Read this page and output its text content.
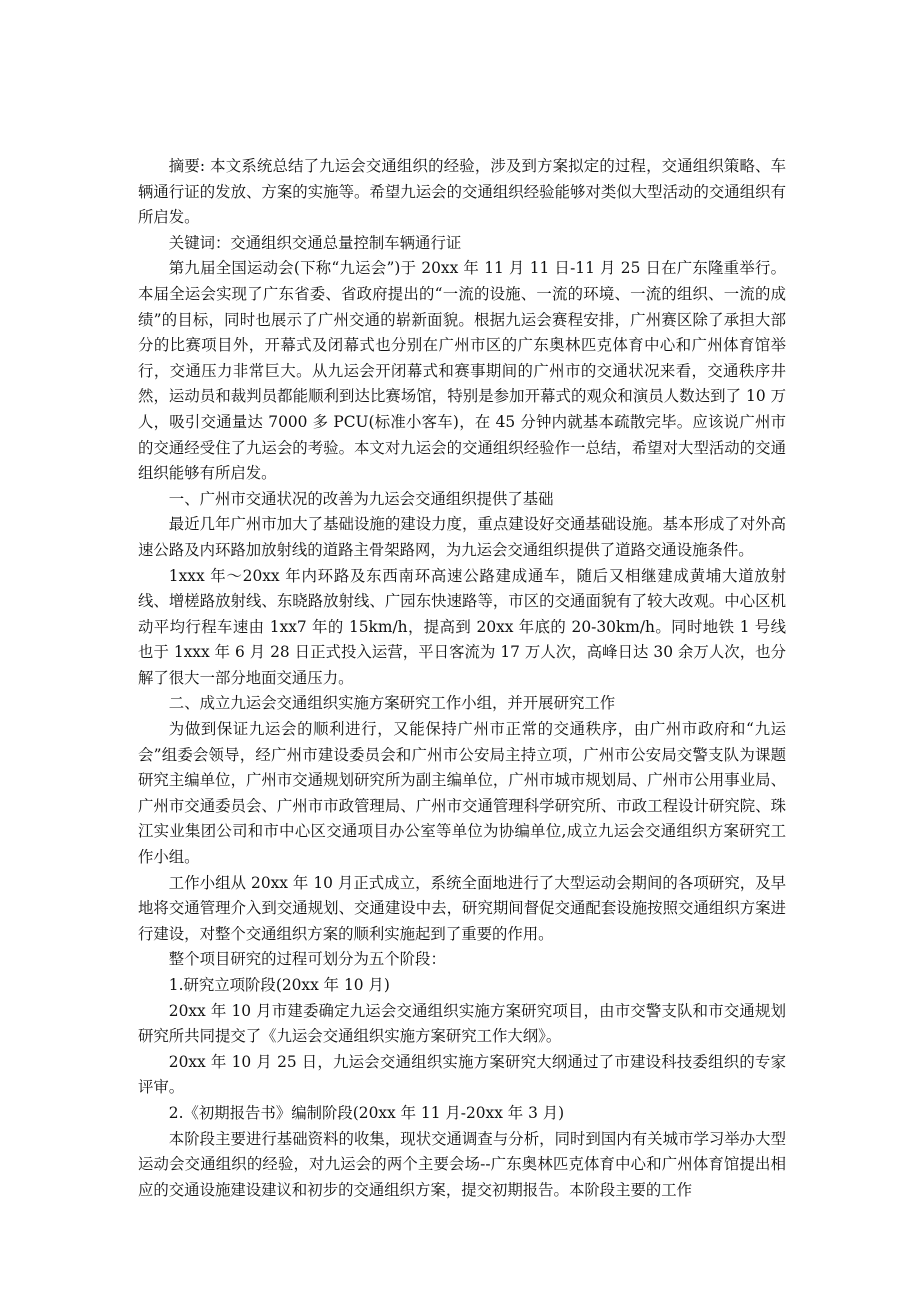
摘要: 本文系统总结了九运会交通组织的经验，涉及到方案拟定的过程，交通组织策略、车辆通行证的发放、方案的实施等。希望九运会的交通组织经验能够对类似大型活动的交通组织有所启发。

关键词：交通组织交通总量控制车辆通行证

第九届全国运动会(下称“九运会”)于 20xx 年 11 月 11 日-11 月 25 日在广东隆重举行。本届全运会实现了广东省委、省政府提出的“一流的设施、一流的环境、一流的组织、一流的成绩”的目标，同时也展示了广州交通的崭新面貌。根据九运会赛程安排，广州赛区除了承担大部分的比赛项目外，开幕式及闭幕式也分别在广州市区的广东奥林匹克体育中心和广州体育馆举行，交通压力非常巨大。从九运会开闭幕式和赛事期间的广州市的交通状况来看，交通秩序井然，运动员和裁判员都能顺利到达比赛场馆，特别是参加开幕式的观众和演员人数达到了 10 万人，吸引交通量达 7000 多 PCU(标准小客车)，在 45 分钟内就基本疏散完毕。应该说广州市的交通经受住了九运会的考验。本文对九运会的交通组织经验作一总结，希望对大型活动的交通组织能够有所启发。

一、广州市交通状况的改善为九运会交通组织提供了基础

最近几年广州市加大了基础设施的建设力度，重点建设好交通基础设施。基本形成了对外高速公路及内环路加放射线的道路主骨架路网，为九运会交通组织提供了道路交通设施条件。

1xxx 年～20xx 年内环路及东西南环高速公路建成通车，随后又相继建成黄埔大道放射线、增槎路放射线、东晓路放射线、广园东快速路等，市区的交通面貌有了较大改观。中心区机动平均行程车速由 1xx7 年的 15km/h，提高到 20xx 年底的 20-30km/h。同时地铁 1 号线也于 1xxx 年 6 月 28 日正式投入运营，平日客流为 17 万人次，高峰日达 30 余万人次，也分解了很大一部分地面交通压力。

二、成立九运会交通组织实施方案研究工作小组，并开展研究工作

为做到保证九运会的顺利进行，又能保持广州市正常的交通秩序，由广州市政府和“九运会”组委会领导，经广州市建设委员会和广州市公安局主持立项，广州市公安局交警支队为课题研究主编单位，广州市交通规划研究所为副主编单位，广州市城市规划局、广州市公用事业局、广州市交通委员会、广州市市政管理局、广州市交通管理科学研究所、市政工程设计研究院、珠江实业集团公司和市中心区交通项目办公室等单位为协编单位,成立九运会交通组织方案研究工作小组。

工作小组从 20xx 年 10 月正式成立，系统全面地进行了大型运动会期间的各项研究，及早地将交通管理介入到交通规划、交通建设中去，研究期间督促交通配套设施按照交通组织方案进行建设，对整个交通组织方案的顺利实施起到了重要的作用。

整个项目研究的过程可划分为五个阶段：

1.研究立项阶段(20xx 年 10 月)

20xx 年 10 月市建委确定九运会交通组织实施方案研究项目，由市交警支队和市交通规划研究所共同提交了《九运会交通组织实施方案研究工作大纲》。

20xx 年 10 月 25 日，九运会交通组织实施方案研究大纲通过了市建设科技委组织的专家评审。

2.《初期报告书》编制阶段(20xx 年 11 月-20xx 年 3 月)

本阶段主要进行基础资料的收集，现状交通调查与分析，同时到国内有关城市学习举办大型运动会交通组织的经验，对九运会的两个主要会场--广东奥林匹克体育中心和广州体育馆提出相应的交通设施建设建议和初步的交通组织方案，提交初期报告。本阶段主要的工作
